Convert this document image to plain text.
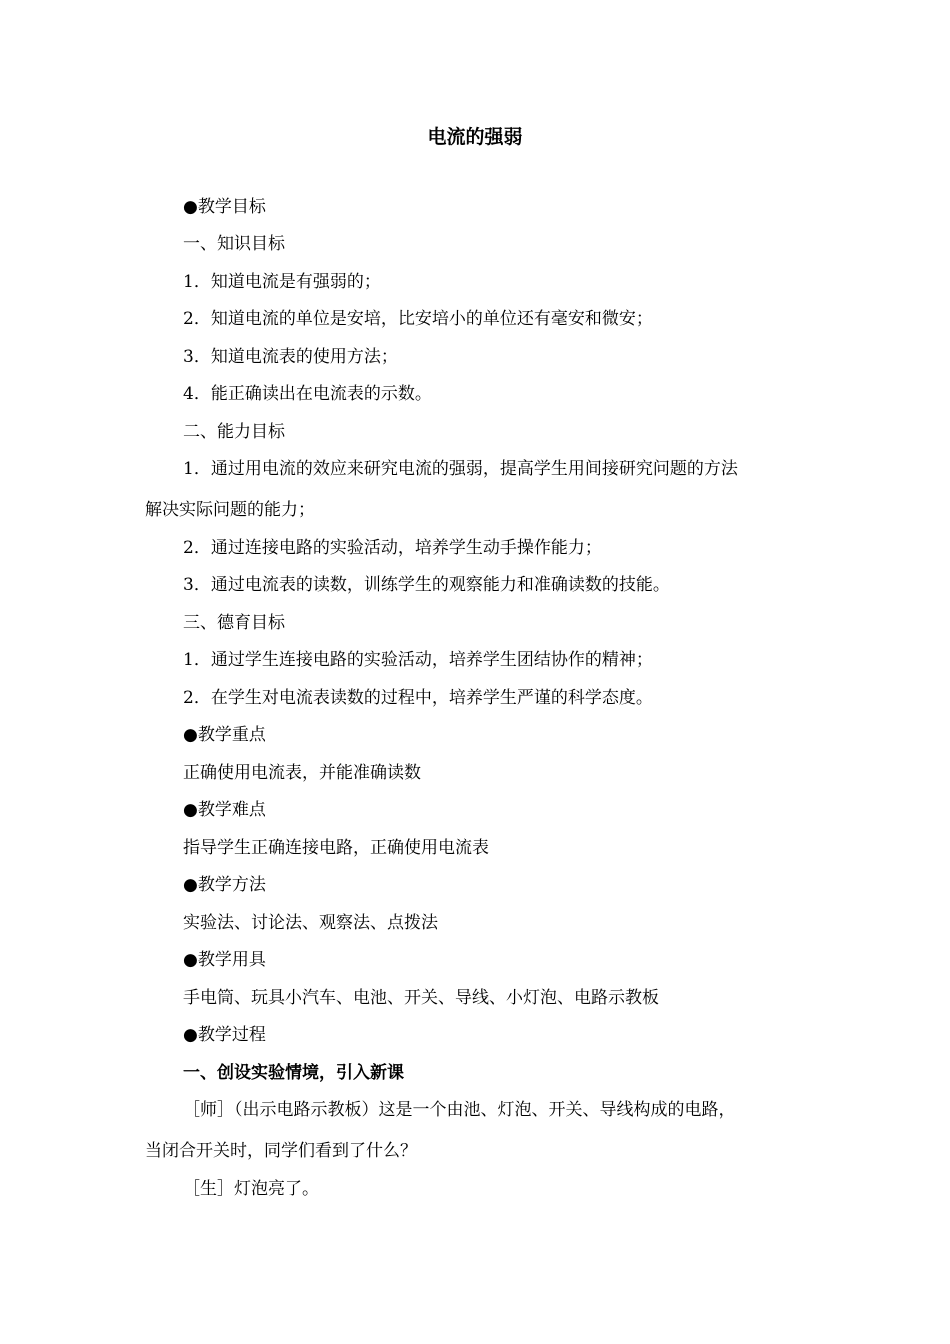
电流的强弱
●教学目标
一、知识目标
1．知道电流是有强弱的；
2．知道电流的单位是安培，比安培小的单位还有毫安和微安；
3．知道电流表的使用方法；
4．能正确读出在电流表的示数。
二、能力目标
1．通过用电流的效应来研究电流的强弱，提高学生用间接研究问题的方法
解决实际问题的能力；
2．通过连接电路的实验活动，培养学生动手操作能力；
3．通过电流表的读数，训练学生的观察能力和准确读数的技能。
三、德育目标
1．通过学生连接电路的实验活动，培养学生团结协作的精神；
2．在学生对电流表读数的过程中，培养学生严谨的科学态度。
●教学重点
正确使用电流表，并能准确读数
●教学难点
指导学生正确连接电路，正确使用电流表
●教学方法
实验法、讨论法、观察法、点拨法
●教学用具
手电筒、玩具小汽车、电池、开关、导线、小灯泡、电路示教板
●教学过程
一、创设实验情境，引入新课
［师］（出示电路示教板）这是一个由池、灯泡、开关、导线构成的电路，
当闭合开关时，同学们看到了什么？
［生］灯泡亮了。
